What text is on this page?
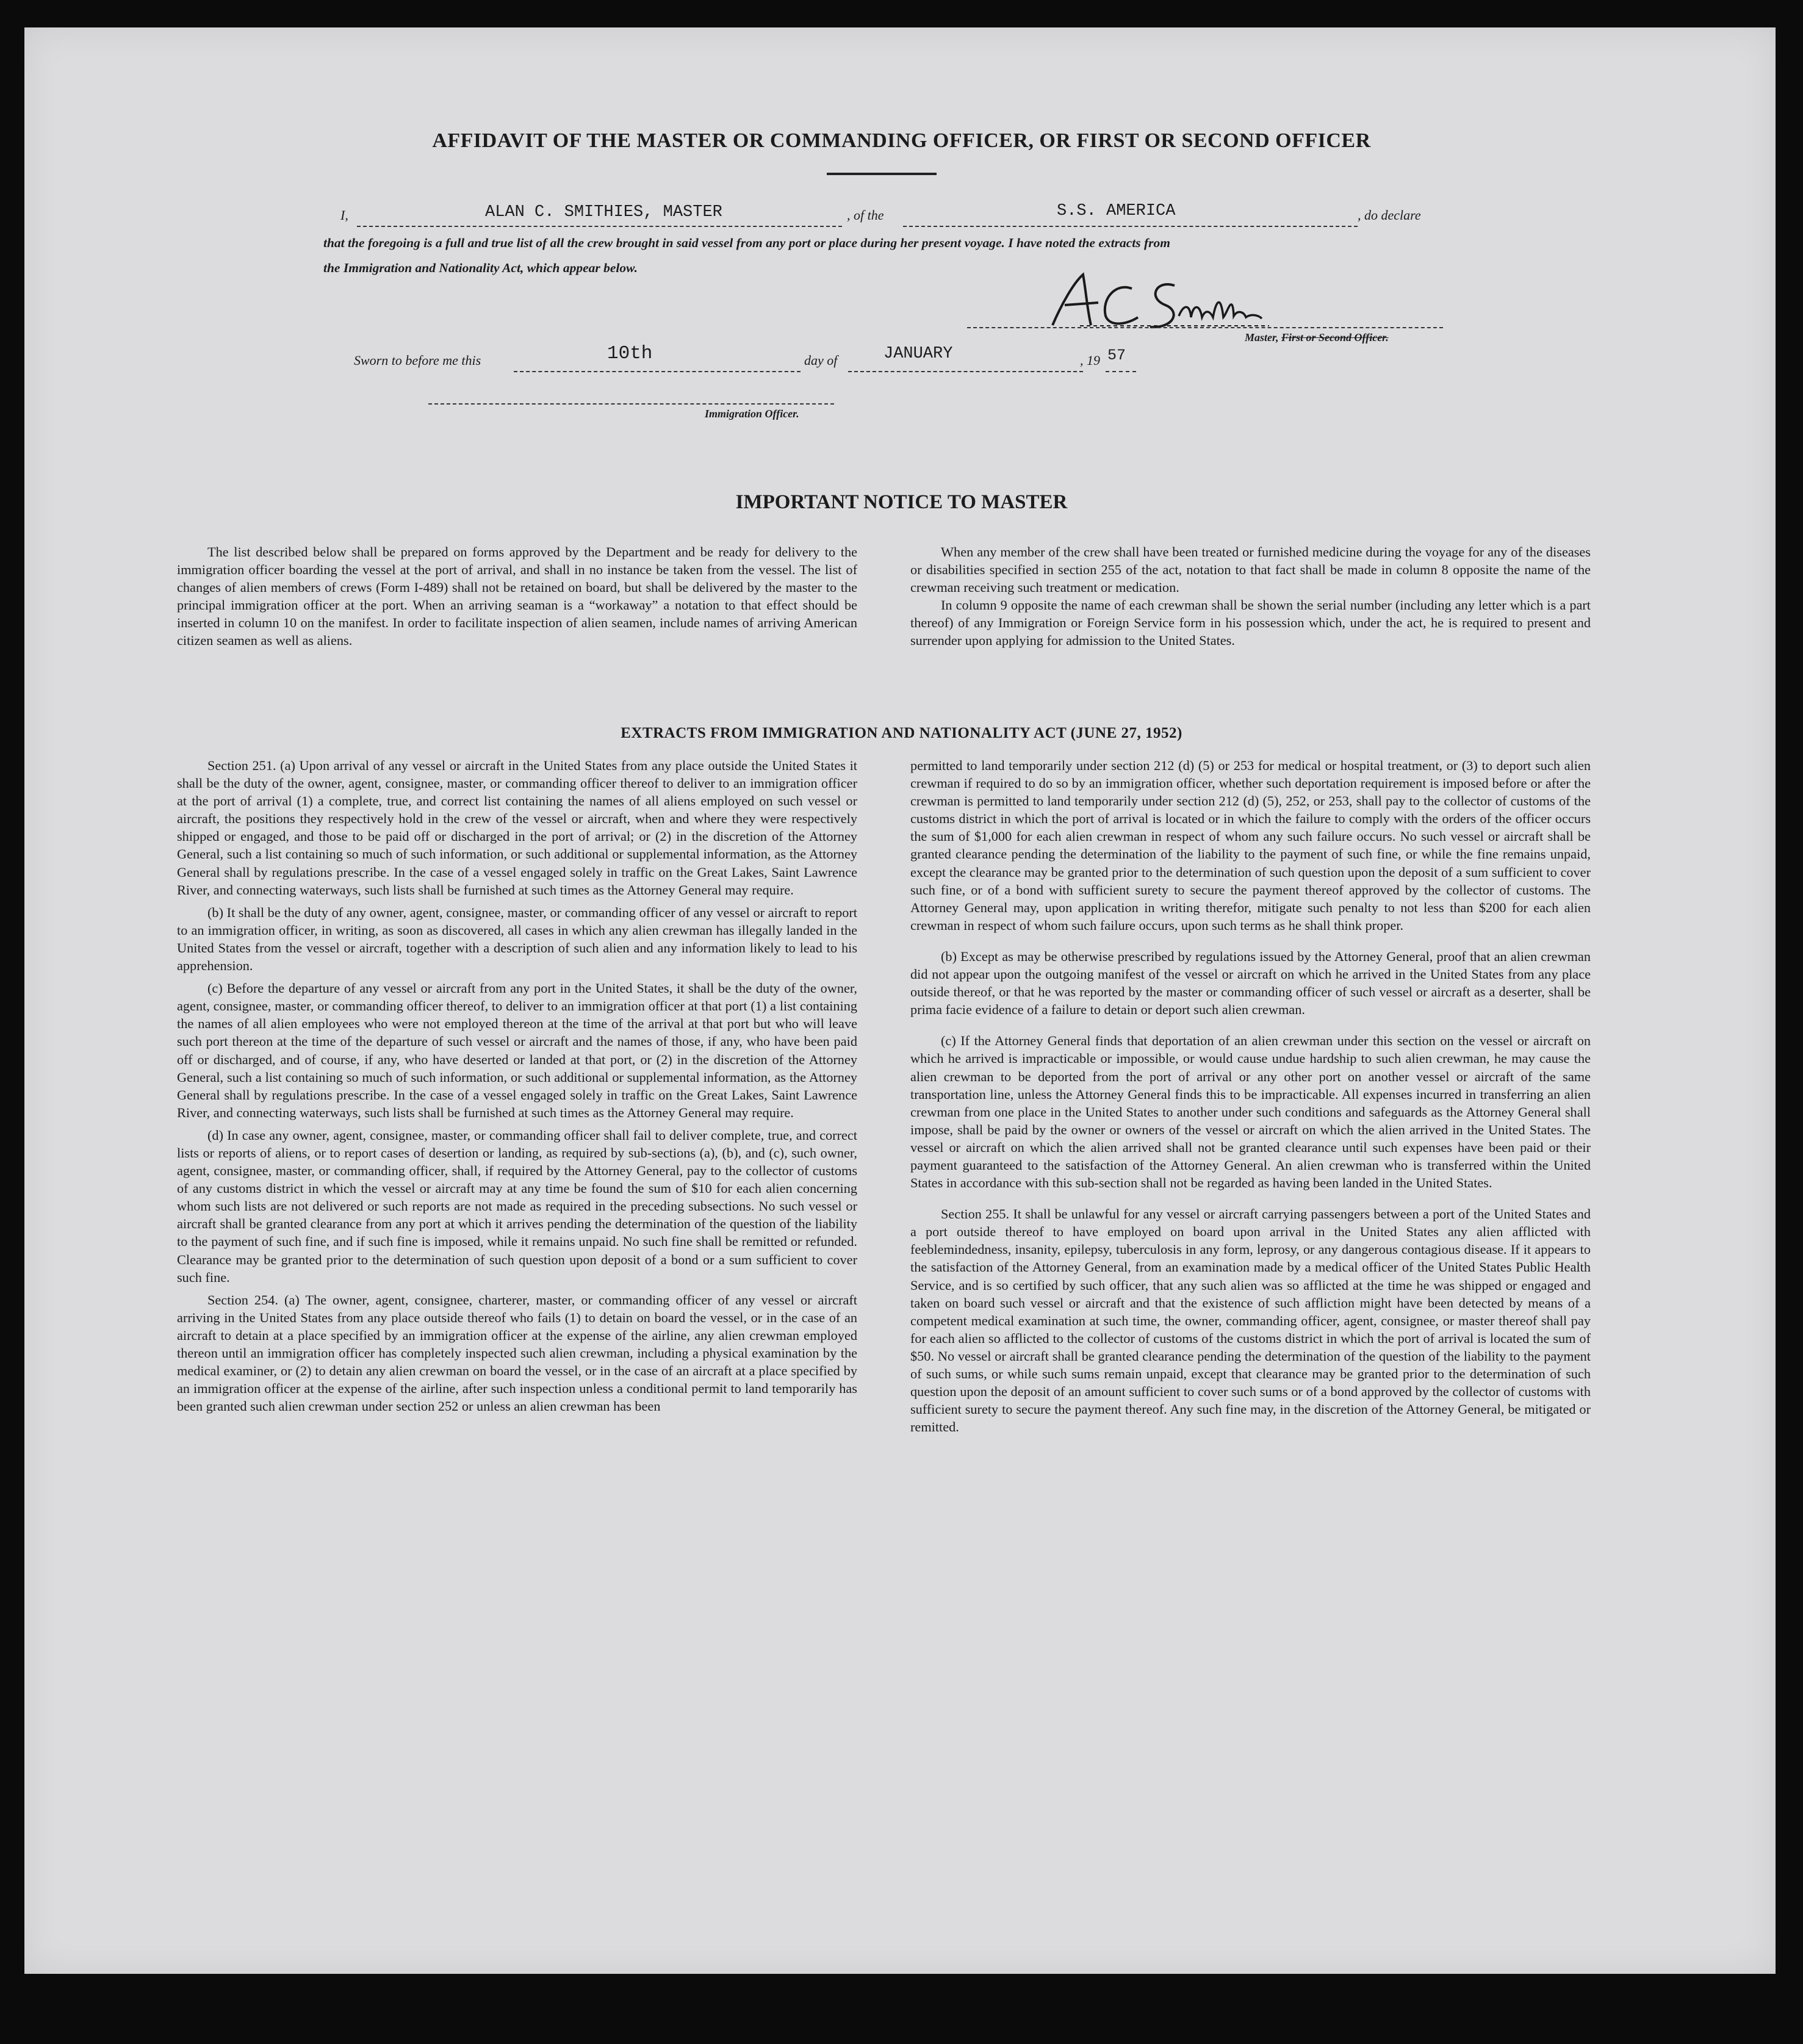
AFFIDAVIT OF THE MASTER OR COMMANDING OFFICER, OR FIRST OR SECOND OFFICER
I,	ALAN C. SMITHIES, MASTER	, of the	S.S. AMERICA	, do declare
that the foregoing is a full and true list of all the crew brought in said vessel from any port or place during her present voyage. I have noted the extracts from
the Immigration and Nationality Act, which appear below.
Master, First or Second Officer.
Sworn to before me this	10th	day of	JANUARY	, 19 57
Immigration Officer.
IMPORTANT NOTICE TO MASTER

The list described below shall be prepared on forms approved by the Department and be ready for delivery to the immigration officer boarding the vessel at the port of arrival, and shall in no instance be taken from the vessel. The list of changes of alien members of crews (Form I-489) shall not be retained on board, but shall be delivered by the master to the principal immigration officer at the port. When an arriving seaman is a “workaway” a notation to that effect should be inserted in column 10 on the manifest. In order to facilitate inspection of alien seamen, include names of arriving American citizen seamen as well as aliens.

When any member of the crew shall have been treated or furnished medicine during the voyage for any of the diseases or disabilities specified in section 255 of the act, notation to that fact shall be made in column 8 opposite the name of the crewman receiving such treatment or medication.

In column 9 opposite the name of each crewman shall be shown the serial number (including any letter which is a part thereof) of any Immigration or Foreign Service form in his possession which, under the act, he is required to present and surrender upon applying for admission to the United States.

EXTRACTS FROM IMMIGRATION AND NATIONALITY ACT (JUNE 27, 1952)

Section 251. (a) Upon arrival of any vessel or aircraft in the United States from any place outside the United States it shall be the duty of the owner, agent, consignee, master, or commanding officer thereof to deliver to an immigration officer at the port of arrival (1) a complete, true, and correct list containing the names of all aliens employed on such vessel or aircraft, the positions they respectively hold in the crew of the vessel or aircraft, when and where they were respectively shipped or engaged, and those to be paid off or discharged in the port of arrival; or (2) in the discretion of the Attorney General, such a list containing so much of such information, or such additional or supplemental information, as the Attorney General shall by regulations prescribe. In the case of a vessel engaged solely in traffic on the Great Lakes, Saint Lawrence River, and connecting waterways, such lists shall be furnished at such times as the Attorney General may require.

(b) It shall be the duty of any owner, agent, consignee, master, or commanding officer of any vessel or aircraft to report to an immigration officer, in writing, as soon as discovered, all cases in which any alien crewman has illegally landed in the United States from the vessel or aircraft, together with a description of such alien and any information likely to lead to his apprehension.

(c) Before the departure of any vessel or aircraft from any port in the United States, it shall be the duty of the owner, agent, consignee, master, or commanding officer thereof, to deliver to an immigration officer at that port (1) a list containing the names of all alien employees who were not employed thereon at the time of the arrival at that port but who will leave such port thereon at the time of the departure of such vessel or aircraft and the names of those, if any, who have been paid off or discharged, and of course, if any, who have deserted or landed at that port, or (2) in the discretion of the Attorney General, such a list containing so much of such information, or such additional or supplemental information, as the Attorney General shall by regulations prescribe. In the case of a vessel engaged solely in traffic on the Great Lakes, Saint Lawrence River, and connecting waterways, such lists shall be furnished at such times as the Attorney General may require.

(d) In case any owner, agent, consignee, master, or commanding officer shall fail to deliver complete, true, and correct lists or reports of aliens, or to report cases of desertion or landing, as required by sub-sections (a), (b), and (c), such owner, agent, consignee, master, or commanding officer, shall, if required by the Attorney General, pay to the collector of customs of any customs district in which the vessel or aircraft may at any time be found the sum of $10 for each alien concerning whom such lists are not delivered or such reports are not made as required in the preceding subsections. No such vessel or aircraft shall be granted clearance from any port at which it arrives pending the determination of the question of the liability to the payment of such fine, and if such fine is imposed, while it remains unpaid. No such fine shall be remitted or refunded. Clearance may be granted prior to the determination of such question upon deposit of a bond or a sum sufficient to cover such fine.

Section 254. (a) The owner, agent, consignee, charterer, master, or commanding officer of any vessel or aircraft arriving in the United States from any place outside thereof who fails (1) to detain on board the vessel, or in the case of an aircraft to detain at a place specified by an immigration officer at the expense of the airline, any alien crewman employed thereon until an immigration officer has completely inspected such alien crewman, including a physical examination by the medical examiner, or (2) to detain any alien crewman on board the vessel, or in the case of an aircraft at a place specified by an immigration officer at the expense of the airline, after such inspection unless a conditional permit to land temporarily has been granted such alien crewman under section 252 or unless an alien crewman has been

permitted to land temporarily under section 212 (d) (5) or 253 for medical or hospital treatment, or (3) to deport such alien crewman if required to do so by an immigration officer, whether such deportation requirement is imposed before or after the crewman is permitted to land temporarily under section 212 (d) (5), 252, or 253, shall pay to the collector of customs of the customs district in which the port of arrival is located or in which the failure to comply with the orders of the officer occurs the sum of $1,000 for each alien crewman in respect of whom any such failure occurs. No such vessel or aircraft shall be granted clearance pending the determination of the liability to the payment of such fine, or while the fine remains unpaid, except the clearance may be granted prior to the determination of such question upon the deposit of a sum sufficient to cover such fine, or of a bond with sufficient surety to secure the payment thereof approved by the collector of customs. The Attorney General may, upon application in writing therefor, mitigate such penalty to not less than $200 for each alien crewman in respect of whom such failure occurs, upon such terms as he shall think proper.

(b) Except as may be otherwise prescribed by regulations issued by the Attorney General, proof that an alien crewman did not appear upon the outgoing manifest of the vessel or aircraft on which he arrived in the United States from any place outside thereof, or that he was reported by the master or commanding officer of such vessel or aircraft as a deserter, shall be prima facie evidence of a failure to detain or deport such alien crewman.

(c) If the Attorney General finds that deportation of an alien crewman under this section on the vessel or aircraft on which he arrived is impracticable or impossible, or would cause undue hardship to such alien crewman, he may cause the alien crewman to be deported from the port of arrival or any other port on another vessel or aircraft of the same transportation line, unless the Attorney General finds this to be impracticable. All expenses incurred in transferring an alien crewman from one place in the United States to another under such conditions and safeguards as the Attorney General shall impose, shall be paid by the owner or owners of the vessel or aircraft on which the alien arrived in the United States. The vessel or aircraft on which the alien arrived shall not be granted clearance until such expenses have been paid or their payment guaranteed to the satisfaction of the Attorney General. An alien crewman who is transferred within the United States in accordance with this sub-section shall not be regarded as having been landed in the United States.

Section 255. It shall be unlawful for any vessel or aircraft carrying passengers between a port of the United States and a port outside thereof to have employed on board upon arrival in the United States any alien afflicted with feeblemindedness, insanity, epilepsy, tuberculosis in any form, leprosy, or any dangerous contagious disease. If it appears to the satisfaction of the Attorney General, from an examination made by a medical officer of the United States Public Health Service, and is so certified by such officer, that any such alien was so afflicted at the time he was shipped or engaged and taken on board such vessel or aircraft and that the existence of such affliction might have been detected by means of a competent medical examination at such time, the owner, commanding officer, agent, consignee, or master thereof shall pay for each alien so afflicted to the collector of customs of the customs district in which the port of arrival is located the sum of $50. No vessel or aircraft shall be granted clearance pending the determination of the question of the liability to the payment of such sums, or while such sums remain unpaid, except that clearance may be granted prior to the determination of such question upon the deposit of an amount sufficient to cover such sums or of a bond approved by the collector of customs with sufficient surety to secure the payment thereof. Any such fine may, in the discretion of the Attorney General, be mitigated or remitted.
